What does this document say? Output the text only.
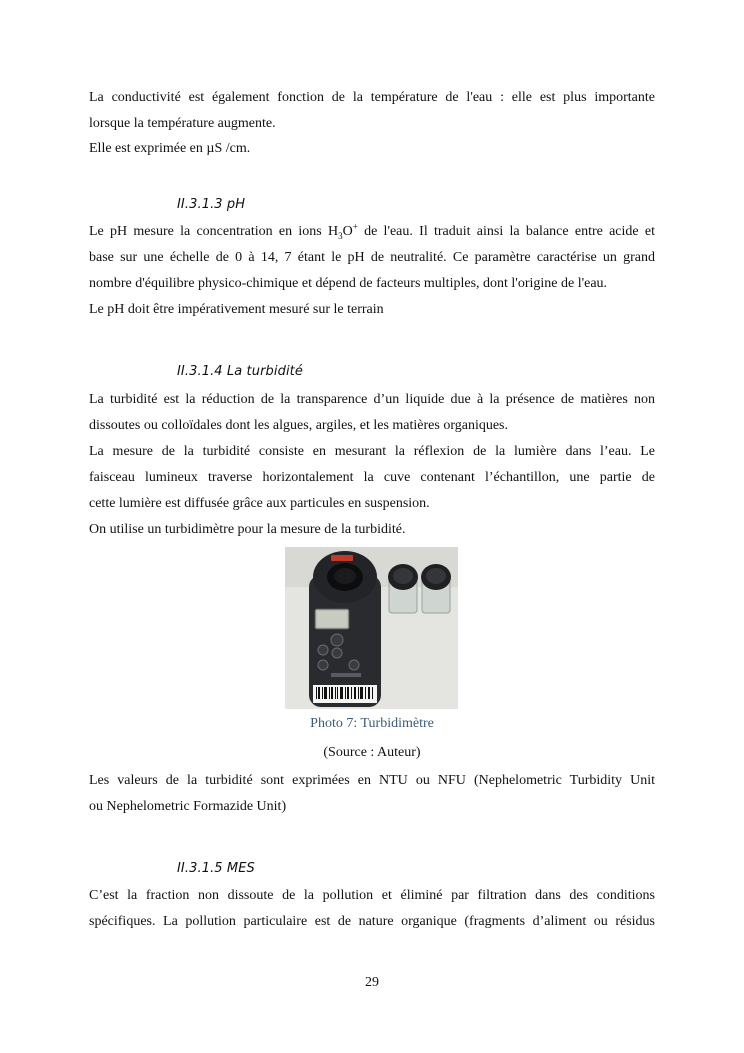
La conductivité est également fonction de la température de l'eau : elle est plus importante

lorsque la température augmente.

Elle est exprimée en µS /cm.

II.3.1.3 pH

Le pH mesure la concentration en ions $H_3O^+$ de l'eau. Il traduit ainsi la balance entre acide et

base sur une échelle de 0 à 14, 7 étant le pH de neutralité. Ce paramètre caractérise un grand

nombre d'équilibre physico-chimique et dépend de facteurs multiples, dont l'origine de l'eau.

Le pH doit être impérativement mesuré sur le terrain

II.3.1.4 La turbidité

La turbidité est la réduction de la transparence d’un liquide due à la présence de matières non

dissoutes ou colloïdales dont les algues, argiles, et les matières organiques.

La mesure de la turbidité consiste en mesurant la réflexion de la lumière dans l’eau. Le

faisceau lumineux traverse horizontalement la cuve contenant l’échantillon, une partie de

cette lumière est diffusée grâce aux particules en suspension.

On utilise un turbidimètre pour la mesure de la turbidité.

Photo 7: Turbidimètre

(Source : Auteur)

Les valeurs de la turbidité sont exprimées en NTU ou NFU (Nephelometric Turbidity Unit

ou Nephelometric Formazide Unit)

II.3.1.5 MES

C’est la fraction non dissoute de la pollution et éliminé par filtration dans des conditions

spécifiques. La pollution particulaire est de nature organique (fragments d’aliment ou résidus

29
